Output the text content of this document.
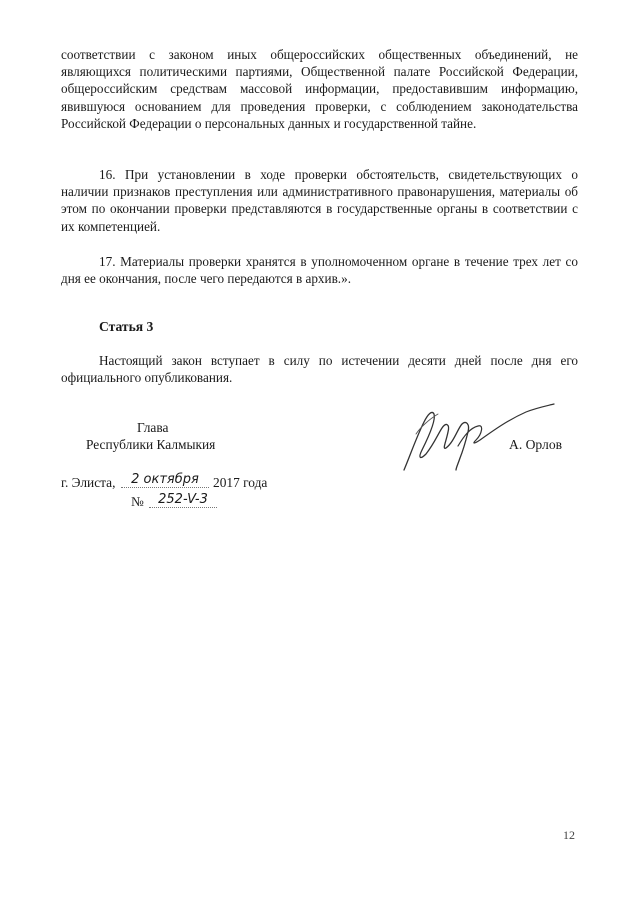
соответствии с законом иных общероссийских общественных объединений, не являющихся политическими партиями, Общественной палате Российской Федерации, общероссийским средствам массовой информации, предоставившим информацию, явившуюся основанием для проведения проверки, с соблюдением законодательства Российской Федерации о персональных данных и государственной тайне.

16. При установлении в ходе проверки обстоятельств, свидетельствующих о наличии признаков преступления или административного правонарушения, материалы об этом по окончании проверки представляются в государственные органы в соответствии с их компетенцией.

17. Материалы проверки хранятся в уполномоченном органе в течение трех лет со дня ее окончания, после чего передаются в архив.».

Статья 3

Настоящий закон вступает в силу по истечении десяти дней после дня его официального опубликования.

Глава

Республики Калмыкия	А. Орлов
г. Элиста,	2 октября	2017 года
№	252-V-3
12
